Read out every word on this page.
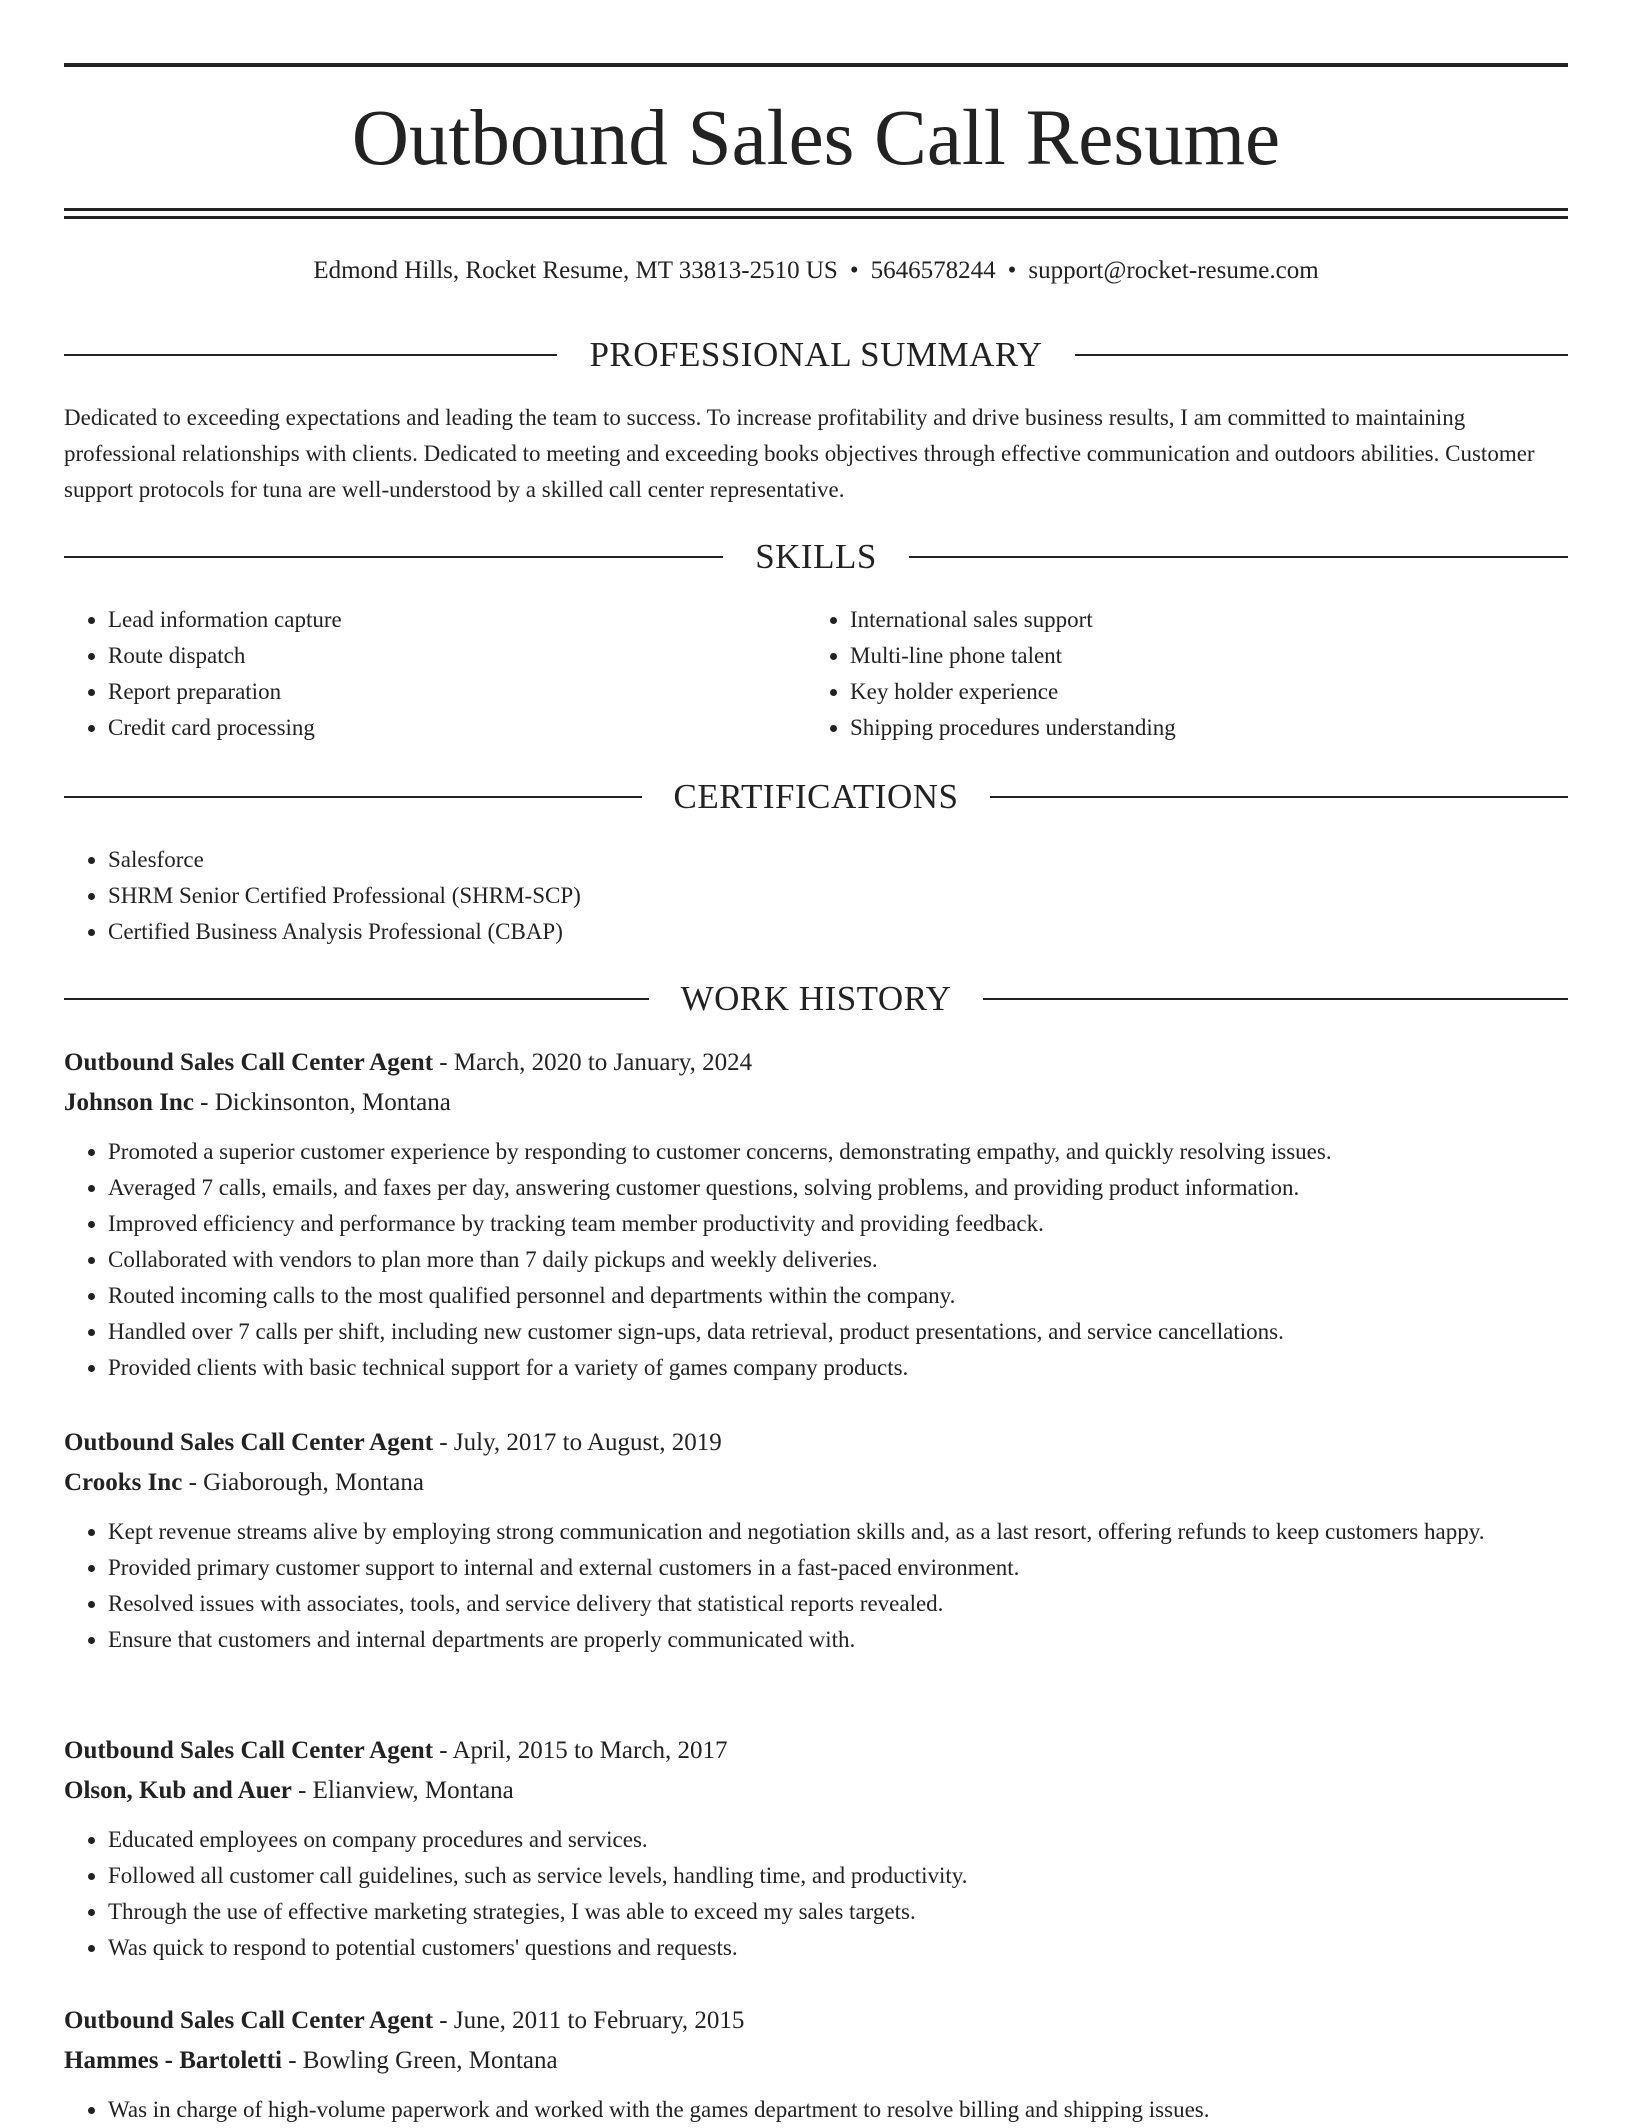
Outbound Sales Call Resume
Edmond Hills, Rocket Resume, MT 33813-2510 US • 5646578244 • support@rocket-resume.com
PROFESSIONAL SUMMARY

Dedicated to exceeding expectations and leading the team to success. To increase profitability and drive business results, I am committed to maintaining professional relationships with clients. Dedicated to meeting and exceeding books objectives through effective communication and outdoors abilities. Customer support protocols for tuna are well-understood by a skilled call center representative.

SKILLS
• Lead information capture
• Route dispatch
• Report preparation
• Credit card processing
• International sales support
• Multi-line phone talent
• Key holder experience
• Shipping procedures understanding
CERTIFICATIONS
• Salesforce
• SHRM Senior Certified Professional (SHRM-SCP)
• Certified Business Analysis Professional (CBAP)
WORK HISTORY
Outbound Sales Call Center Agent - March, 2020 to January, 2024
Johnson Inc - Dickinsonton, Montana
• Promoted a superior customer experience by responding to customer concerns, demonstrating empathy, and quickly resolving issues.
• Averaged 7 calls, emails, and faxes per day, answering customer questions, solving problems, and providing product information.
• Improved efficiency and performance by tracking team member productivity and providing feedback.
• Collaborated with vendors to plan more than 7 daily pickups and weekly deliveries.
• Routed incoming calls to the most qualified personnel and departments within the company.
• Handled over 7 calls per shift, including new customer sign-ups, data retrieval, product presentations, and service cancellations.
• Provided clients with basic technical support for a variety of games company products.
Outbound Sales Call Center Agent - July, 2017 to August, 2019
Crooks Inc - Giaborough, Montana
• Kept revenue streams alive by employing strong communication and negotiation skills and, as a last resort, offering refunds to keep customers happy.
• Provided primary customer support to internal and external customers in a fast-paced environment.
• Resolved issues with associates, tools, and service delivery that statistical reports revealed.
• Ensure that customers and internal departments are properly communicated with.
Outbound Sales Call Center Agent - April, 2015 to March, 2017
Olson, Kub and Auer - Elianview, Montana
• Educated employees on company procedures and services.
• Followed all customer call guidelines, such as service levels, handling time, and productivity.
• Through the use of effective marketing strategies, I was able to exceed my sales targets.
• Was quick to respond to potential customers' questions and requests.
Outbound Sales Call Center Agent - June, 2011 to February, 2015
Hammes - Bartoletti - Bowling Green, Montana
• Was in charge of high-volume paperwork and worked with the games department to resolve billing and shipping issues.
